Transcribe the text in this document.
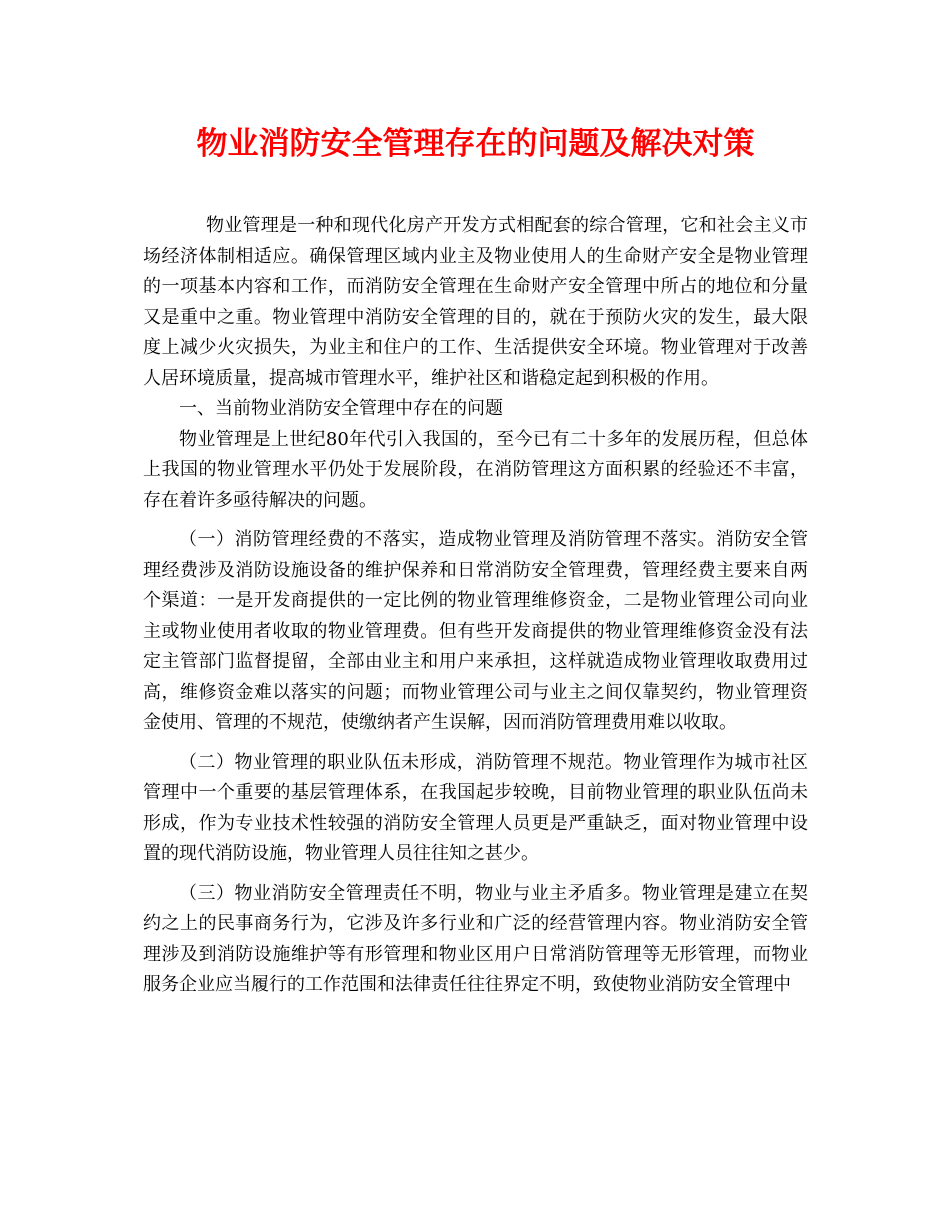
物业消防安全管理存在的问题及解决对策

物业管理是一种和现代化房产开发方式相配套的综合管理，它和社会主义市场经济体制相适应。确保管理区域内业主及物业使用人的生命财产安全是物业管理的一项基本内容和工作，而消防安全管理在生命财产安全管理中所占的地位和分量又是重中之重。物业管理中消防安全管理的目的，就在于预防火灾的发生，最大限度上减少火灾损失，为业主和住户的工作、生活提供安全环境。物业管理对于改善人居环境质量，提高城市管理水平，维护社区和谐稳定起到积极的作用。

一、当前物业消防安全管理中存在的问题

物业管理是上世纪80年代引入我国的，至今已有二十多年的发展历程，但总体上我国的物业管理水平仍处于发展阶段，在消防管理这方面积累的经验还不丰富，存在着许多亟待解决的问题。

（一）消防管理经费的不落实，造成物业管理及消防管理不落实。消防安全管理经费涉及消防设施设备的维护保养和日常消防安全管理费，管理经费主要来自两个渠道：一是开发商提供的一定比例的物业管理维修资金，二是物业管理公司向业主或物业使用者收取的物业管理费。但有些开发商提供的物业管理维修资金没有法定主管部门监督提留，全部由业主和用户来承担，这样就造成物业管理收取费用过高，维修资金难以落实的问题；而物业管理公司与业主之间仅靠契约，物业管理资金使用、管理的不规范，使缴纳者产生误解，因而消防管理费用难以收取。

（二）物业管理的职业队伍未形成，消防管理不规范。物业管理作为城市社区管理中一个重要的基层管理体系，在我国起步较晚，目前物业管理的职业队伍尚未形成，作为专业技术性较强的消防安全管理人员更是严重缺乏，面对物业管理中设置的现代消防设施，物业管理人员往往知之甚少。

（三）物业消防安全管理责任不明，物业与业主矛盾多。物业管理是建立在契约之上的民事商务行为，它涉及许多行业和广泛的经营管理内容。物业消防安全管理涉及到消防设施维护等有形管理和物业区用户日常消防管理等无形管理，而物业服务企业应当履行的工作范围和法律责任往往界定不明，致使物业消防安全管理中
